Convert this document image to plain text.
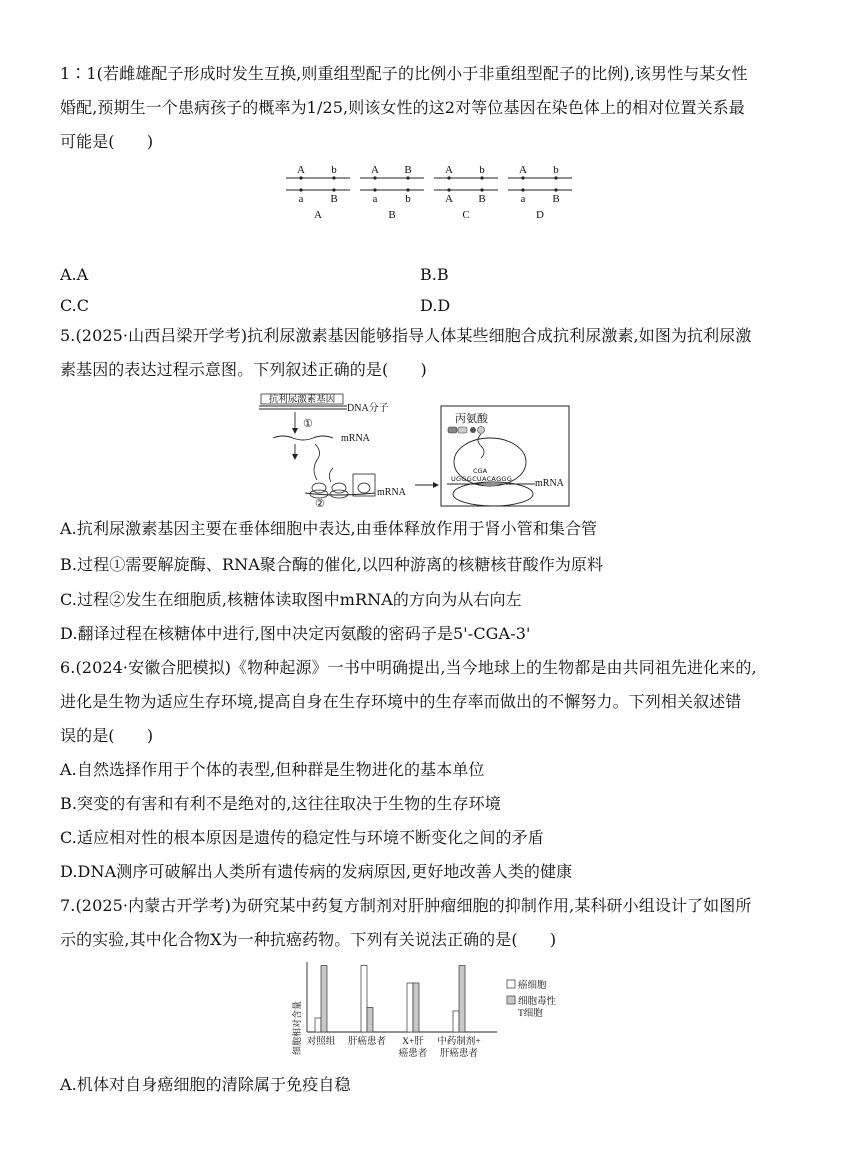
1∶1(若雌雄配子形成时发生互换,则重组型配子的比例小于非重组型配子的比例),该男性与某女性
婚配,预期生一个患病孩子的概率为1/25,则该女性的这2对等位基因在染色体上的相对位置关系最
可能是(　　)
A
a
b
B
A
A
a
B
b
B
A
A
b
B
C
A
a
b
B
D
A.A	B.B
C.C	D.D
5.(2025·山西吕梁开学考)抗利尿激素基因能够指导人体某些细胞合成抗利尿激素,如图为抗利尿激
素基因的表达过程示意图。下列叙述正确的是(　　)
抗利尿激素基因
DNA分子
①
mRNA
②
mRNA
丙氨酸
CGA
UGGGCUACAGGG mRNA
A.抗利尿激素基因主要在垂体细胞中表达,由垂体释放作用于肾小管和集合管
B.过程①需要解旋酶、RNA聚合酶的催化,以四种游离的核糖核苷酸作为原料
C.过程②发生在细胞质,核糖体读取图中mRNA的方向为从右向左
D.翻译过程在核糖体中进行,图中决定丙氨酸的密码子是5'-CGA-3'
6.(2024·安徽合肥模拟)《物种起源》一书中明确提出,当今地球上的生物都是由共同祖先进化来的,
进化是生物为适应生存环境,提高自身在生存环境中的生存率而做出的不懈努力。下列相关叙述错
误的是(　　)
A.自然选择作用于个体的表型,但种群是生物进化的基本单位
B.突变的有害和有利不是绝对的,这往往取决于生物的生存环境
C.适应相对性的根本原因是遗传的稳定性与环境不断变化之间的矛盾
D.DNA测序可破解出人类所有遗传病的发病原因,更好地改善人类的健康
7.(2025·内蒙古开学考)为研究某中药复方制剂对肝肿瘤细胞的抑制作用,某科研小组设计了如图所
示的实验,其中化合物X为一种抗癌药物。下列有关说法正确的是(　　)
细胞相对含量 对照组 肝癌患者 X+肝
癌患者
中药制剂+
肝癌患者
癌细胞
细胞毒性
T细胞
A.机体对自身癌细胞的清除属于免疫自稳
